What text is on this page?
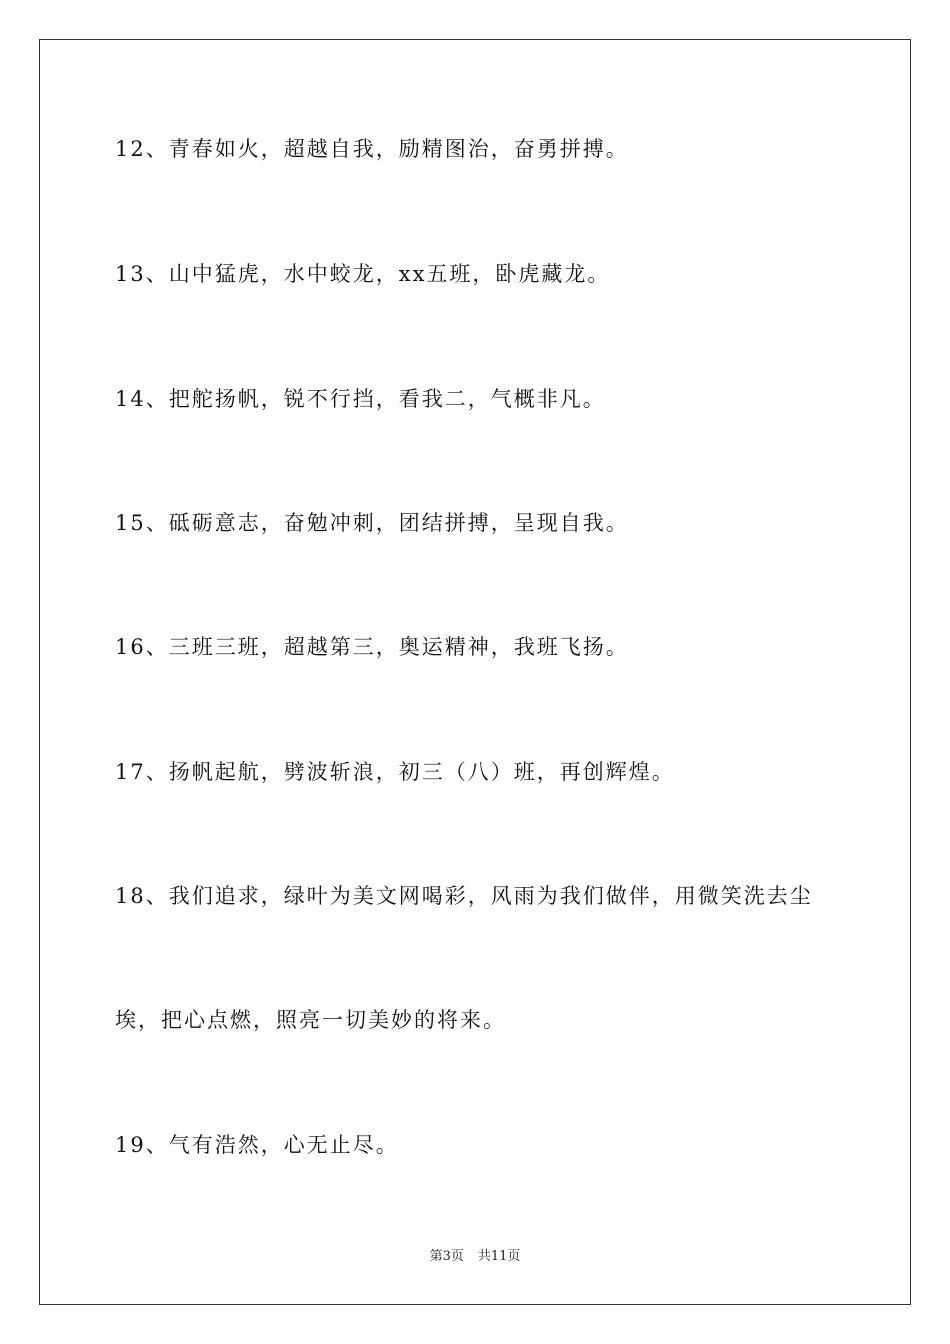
12、青春如火，超越自我，励精图治，奋勇拼搏。
13、山中猛虎，水中蛟龙，xx五班，卧虎藏龙。
14、把舵扬帆，锐不行挡，看我二，气概非凡。
15、砥砺意志，奋勉冲刺，团结拼搏，呈现自我。
16、三班三班，超越第三，奥运精神，我班飞扬。
17、扬帆起航，劈波斩浪，初三（八）班，再创辉煌。
18、我们追求，绿叶为美文网喝彩，风雨为我们做伴，用微笑洗去尘
埃，把心点燃，照亮一切美妙的将来。
19、气有浩然，心无止尽。
第3页 共11页
